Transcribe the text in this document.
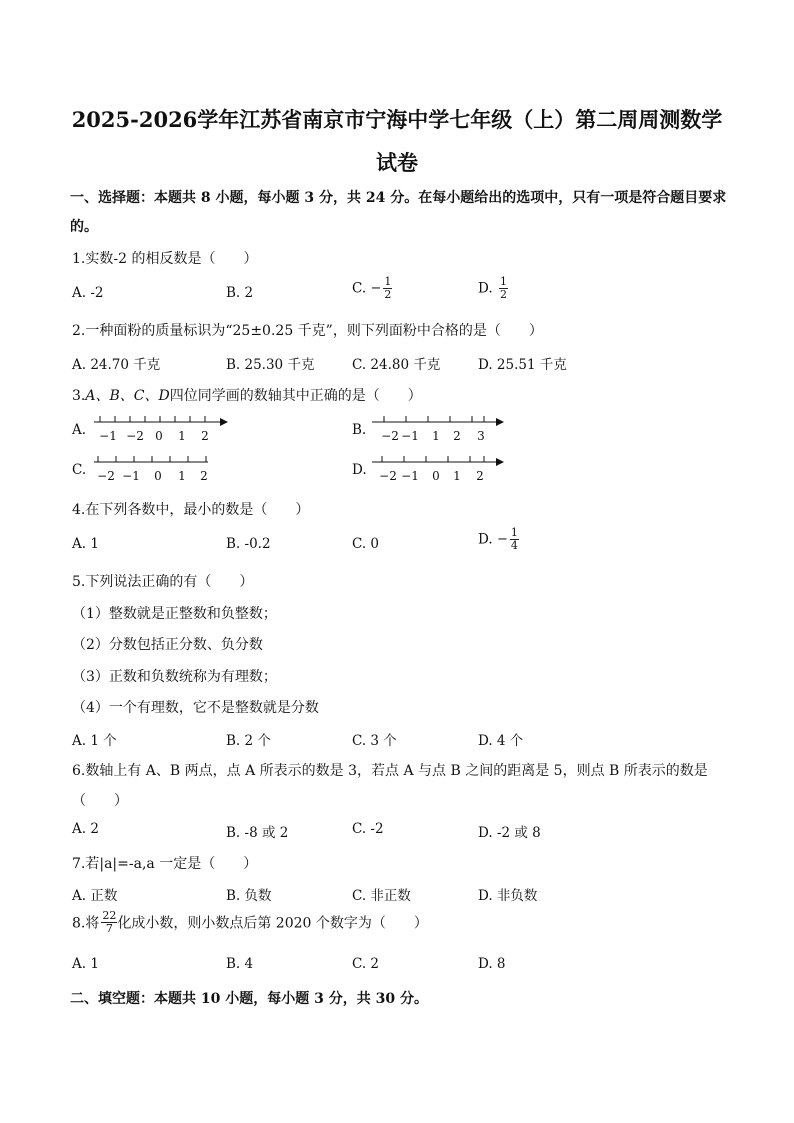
2025-2026学年江苏省南京市宁海中学七年级（上）第二周周测数学
试卷
一、选择题：本题共 8 小题，每小题 3 分，共 24 分。在每小题给出的选项中，只有一项是符合题目要求
的。
1.实数-2 的相反数是（　　）
A. -2	B. 2	C. − $\frac{1}{2}$	D. $\frac{1}{2}$
2.一种面粉的质量标识为“25±0.25 千克”，则下列面粉中合格的是（　　）
A. 24.70 千克	B. 25.30 千克	C. 24.80 千克	D. 25.51 千克
3.A、B、C、D四位同学画的数轴其中正确的是（　　）
A. −1 −2 0 1 2	B. −2 −1 1 2 3
C. −2 −1 0 1 2	D. −2 −1 0 1 2
4.在下列各数中，最小的数是（　　）
A. 1	B. -0.2	C. 0	D. − $\frac{1}{4}$
5.下列说法正确的有（　　）
（1）整数就是正整数和负整数；
（2）分数包括正分数、负分数
（3）正数和负数统称为有理数；
（4）一个有理数，它不是整数就是分数
A. 1 个	B. 2 个	C. 3 个	D. 4 个
6.数轴上有 A、B 两点，点 A 所表示的数是 3，若点 A 与点 B 之间的距离是 5，则点 B 所表示的数是
（　　）
A. 2	B. -8 或 2	C. -2	D. -2 或 8
7.若|a|=-a,a 一定是（　　）
A. 正数	B. 负数	C. 非正数	D. 非负数
8.将 $\frac{22}{7}$ 化成小数，则小数点后第 2020 个数字为（　　）
A. 1	B. 4	C. 2	D. 8
二、填空题：本题共 10 小题，每小题 3 分，共 30 分。
